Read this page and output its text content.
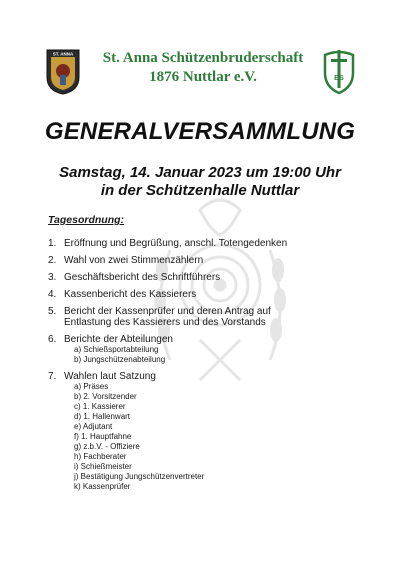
ST. ANNA	St. Anna Schützenbruderschaft
1876 Nuttlar e.V.	BS
GENERALVERSAMMLUNG
Samstag, 14. Januar 2023 um 19:00 Uhr
in der Schützenhalle Nuttlar
Tagesordnung:
1. Eröffnung und Begrüßung, anschl. Totengedenken
2. Wahl von zwei Stimmenzählern
3. Geschäftsbericht des Schriftführers
4. Kassenbericht des Kassierers
5. Bericht der Kassenprüfer und deren Antrag auf
Entlastung des Kassierers und des Vorstands
6. Berichte der Abteilungen
a) Schießsportabteilung
b) Jungschützenabteilung
7. Wahlen laut Satzung
a) Präses
b) 2. Vorsitzender
c) 1. Kassierer
d) 1. Hallenwart
e) Adjutant
f) 1. Hauptfahne
g) z.b.V. - Offiziere
h) Fachberater
i) Schießmeister
j) Bestätigung Jungschützenvertreter
k) Kassenprüfer
